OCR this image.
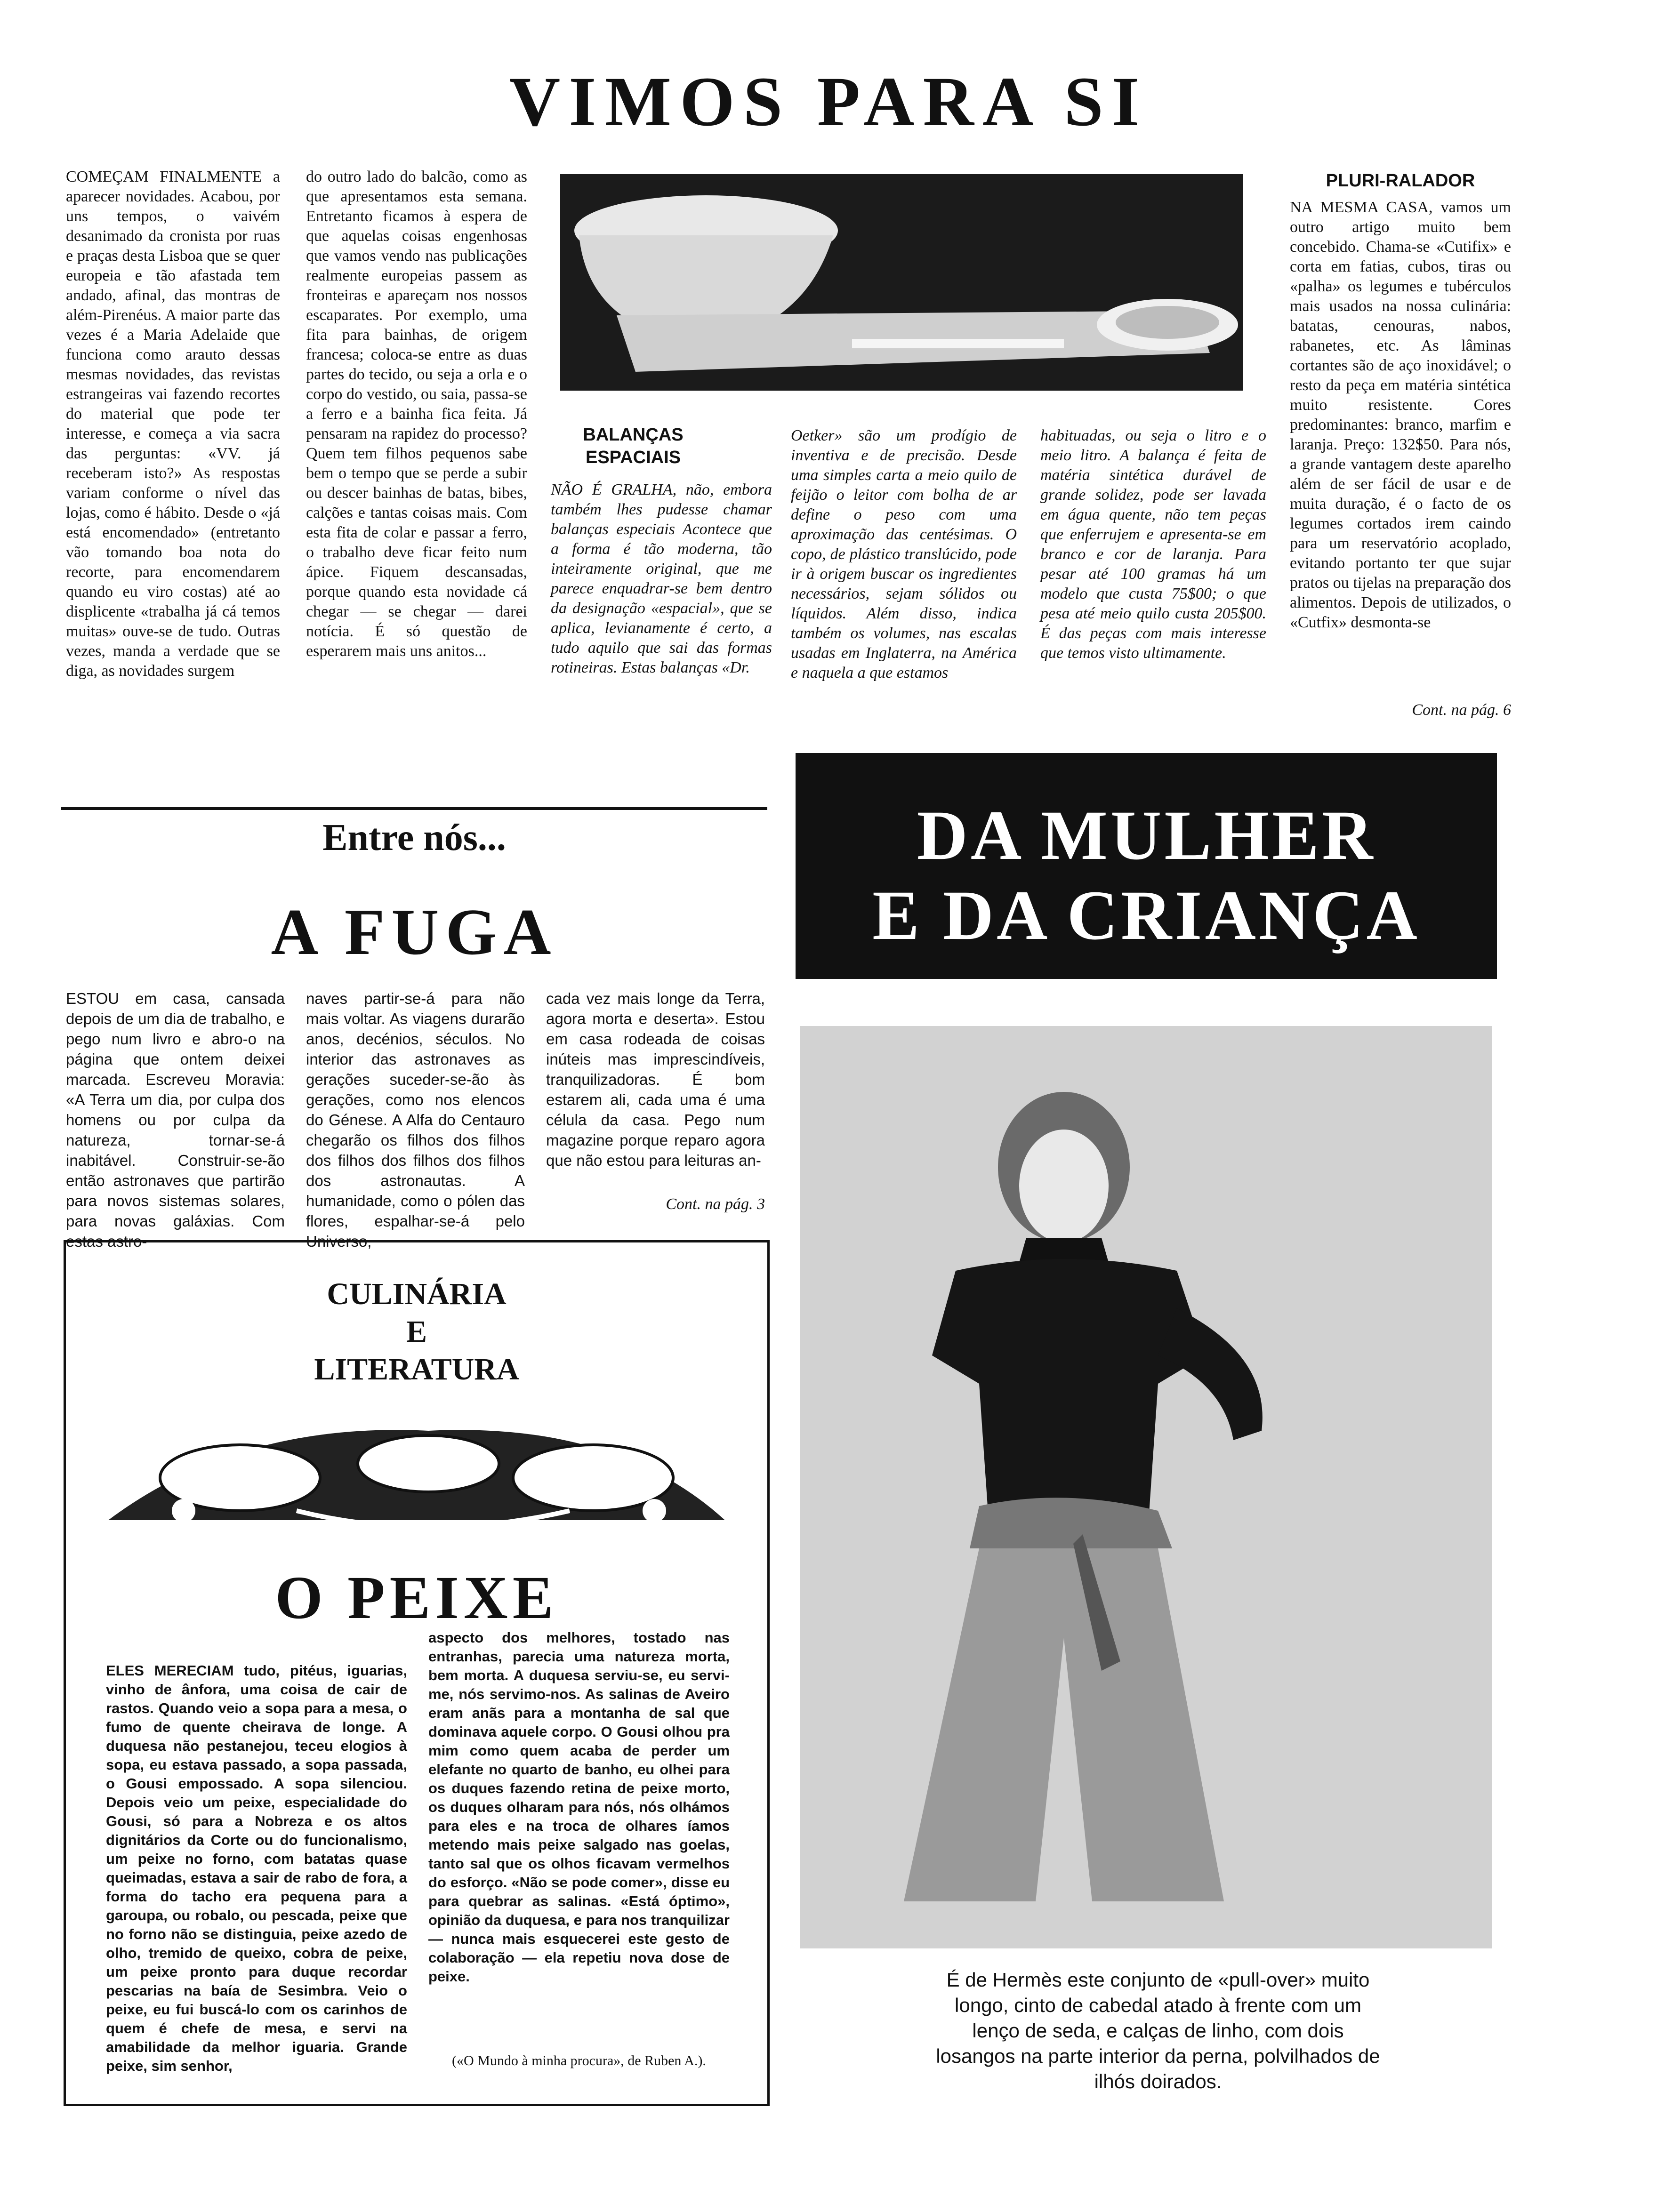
VIMOS PARA SI
COMEÇAM FINALMENTE a aparecer novidades. Acabou, por uns tempos, o vaivém desanimado da cronista por ruas e praças desta Lisboa que se quer europeia e tão afastada tem andado, afinal, das montras de além-Pirenéus. A maior parte das vezes é a Maria Adelaide que funciona como arauto dessas mesmas novidades, das revistas estrangeiras vai fazendo recortes do material que pode ter interesse, e começa a via sacra das perguntas: «VV. já receberam isto?» As respostas variam conforme o nível das lojas, como é hábito. Desde o «já está encomendado» (entretanto vão tomando boa nota do recorte, para encomendarem quando eu viro costas) até ao displicente «trabalha já cá temos muitas» ouve-se de tudo. Outras vezes, manda a verdade que se diga, as novidades surgem
do outro lado do balcão, como as que apresentamos esta semana. Entretanto ficamos à espera de que aquelas coisas engenhosas que vamos vendo nas publicações realmente europeias passem as fronteiras e apareçam nos nossos escaparates. Por exemplo, uma fita para bainhas, de origem francesa; coloca-se entre as duas partes do tecido, ou seja a orla e o corpo do vestido, ou saia, passa-se a ferro e a bainha fica feita. Já pensaram na rapidez do processo? Quem tem filhos pequenos sabe bem o tempo que se perde a subir ou descer bainhas de batas, bibes, calções e tantas coisas mais. Com esta fita de colar e passar a ferro, o trabalho deve ficar feito num ápice. Fiquem descansadas, porque quando esta novidade cá chegar — se chegar — darei notícia. É só questão de esperarem mais uns anitos...
BALANÇAS ESPACIAIS
NÃO É GRALHA, não, embora também lhes pudesse chamar balanças especiais Acontece que a forma é tão moderna, tão inteiramente original, que me parece enquadrar-se bem dentro da designação «espacial», que se aplica, levianamente é certo, a tudo aquilo que sai das formas rotineiras. Estas balanças «Dr.
Oetker» são um prodígio de inventiva e de precisão. Desde uma simples carta a meio quilo de feijão o leitor com bolha de ar define o peso com uma aproximação das centésimas. O copo, de plástico translúcido, pode ir à origem buscar os ingredientes necessários, sejam sólidos ou líquidos. Além disso, indica também os volumes, nas escalas usadas em Inglaterra, na América e naquela a que estamos
habituadas, ou seja o litro e o meio litro. A balança é feita de matéria sintética durável de grande solidez, pode ser lavada em água quente, não tem peças que enferrujem e apresenta-se em branco e cor de laranja. Para pesar até 100 gramas há um modelo que custa 75$00; o que pesa até meio quilo custa 205$00. É das peças com mais interesse que temos visto ultimamente.
PLURI-RALADOR
NA MESMA CASA, vamos um outro artigo muito bem concebido. Chama-se «Cutifix» e corta em fatias, cubos, tiras ou «palha» os legumes e tubérculos mais usados na nossa culinária: batatas, cenouras, nabos, rabanetes, etc. As lâminas cortantes são de aço inoxidável; o resto da peça em matéria sintética muito resistente. Cores predominantes: branco, marfim e laranja. Preço: 132$50. Para nós, a grande vantagem deste aparelho além de ser fácil de usar e de muita duração, é o facto de os legumes cortados irem caindo para um reservatório acoplado, evitando portanto ter que sujar pratos ou tijelas na preparação dos alimentos. Depois de utilizados, o «Cutfix» desmonta-se
Cont. na pág. 6
DA MULHER
E DA CRIANÇA
Entre nós...
A FUGA
ESTOU em casa, cansada depois de um dia de trabalho, e pego num livro e abro-o na página que ontem deixei marcada. Escreveu Moravia: «A Terra um dia, por culpa dos homens ou por culpa da natureza, tornar-se-á inabitável. Construir-se-ão então astronaves que partirão para novos sistemas solares, para novas galáxias. Com estas astro-
naves partir-se-á para não mais voltar. As viagens durarão anos, decénios, séculos. No interior das astronaves as gerações suceder-se-ão às gerações, como nos elencos do Génese. A Alfa do Centauro chegarão os filhos dos filhos dos filhos dos filhos dos filhos dos astronautas. A humanidade, como o pólen das flores, espalhar-se-á pelo Universo,
cada vez mais longe da Terra, agora morta e deserta». Estou em casa rodeada de coisas inúteis mas imprescindíveis, tranquilizadoras. É bom estarem ali, cada uma é uma célula da casa. Pego num magazine porque reparo agora que não estou para leituras an-
Cont. na pág. 3
CULINÁRIA
E
LITERATURA
O PEIXE
ELES MERECIAM tudo, pitéus, iguarias, vinho de ânfora, uma coisa de cair de rastos. Quando veio a sopa para a mesa, o fumo de quente cheirava de longe. A duquesa não pestanejou, teceu elogios à sopa, eu estava passado, a sopa passada, o Gousi empossado. A sopa silenciou. Depois veio um peixe, especialidade do Gousi, só para a Nobreza e os altos dignitários da Corte ou do funcionalismo, um peixe no forno, com batatas quase queimadas, estava a sair de rabo de fora, a forma do tacho era pequena para a garoupa, ou robalo, ou pescada, peixe que no forno não se distinguia, peixe azedo de olho, tremido de queixo, cobra de peixe, um peixe pronto para duque recordar pescarias na baía de Sesimbra. Veio o peixe, eu fui buscá-lo com os carinhos de quem é chefe de mesa, e servi na amabilidade da melhor iguaria. Grande peixe, sim senhor,
aspecto dos melhores, tostado nas entranhas, parecia uma natureza morta, bem morta. A duquesa serviu-se, eu servi-me, nós servimo-nos. As salinas de Aveiro eram anãs para a montanha de sal que dominava aquele corpo. O Gousi olhou pra mim como quem acaba de perder um elefante no quarto de banho, eu olhei para os duques fazendo retina de peixe morto, os duques olharam para nós, nós olhámos para eles e na troca de olhares íamos metendo mais peixe salgado nas goelas, tanto sal que os olhos ficavam vermelhos do esforço. «Não se pode comer», disse eu para quebrar as salinas. «Está óptimo», opinião da duquesa, e para nos tranquilizar — nunca mais esquecerei este gesto de colaboração — ela repetiu nova dose de peixe.
(«O Mundo à minha procura», de Ruben A.).
É de Hermès este conjunto de «pull-over» muito longo, cinto de cabedal atado à frente com um lenço de seda, e calças de linho, com dois losangos na parte interior da perna, polvilhados de ilhós doirados.
